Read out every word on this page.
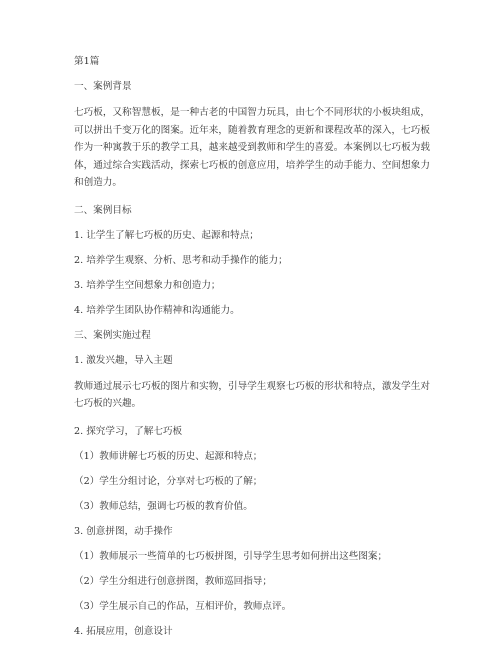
第1篇

一、案例背景

七巧板，又称智慧板，是一种古老的中国智力玩具，由七个不同形状的小板块组成，可以拼出千变万化的图案。近年来，随着教育理念的更新和课程改革的深入，七巧板作为一种寓教于乐的教学工具，越来越受到教师和学生的喜爱。本案例以七巧板为载体，通过综合实践活动，探索七巧板的创意应用，培养学生的动手能力、空间想象力和创造力。

二、案例目标

1. 让学生了解七巧板的历史、起源和特点；

2. 培养学生观察、分析、思考和动手操作的能力；

3. 培养学生空间想象力和创造力；

4. 培养学生团队协作精神和沟通能力。

三、案例实施过程

1. 激发兴趣，导入主题

教师通过展示七巧板的图片和实物，引导学生观察七巧板的形状和特点，激发学生对七巧板的兴趣。

2. 探究学习，了解七巧板

（1）教师讲解七巧板的历史、起源和特点；

（2）学生分组讨论，分享对七巧板的了解；

（3）教师总结，强调七巧板的教育价值。

3. 创意拼图，动手操作

（1）教师展示一些简单的七巧板拼图，引导学生思考如何拼出这些图案；

（2）学生分组进行创意拼图，教师巡回指导；

（3）学生展示自己的作品，互相评价，教师点评。

4. 拓展应用，创意设计
